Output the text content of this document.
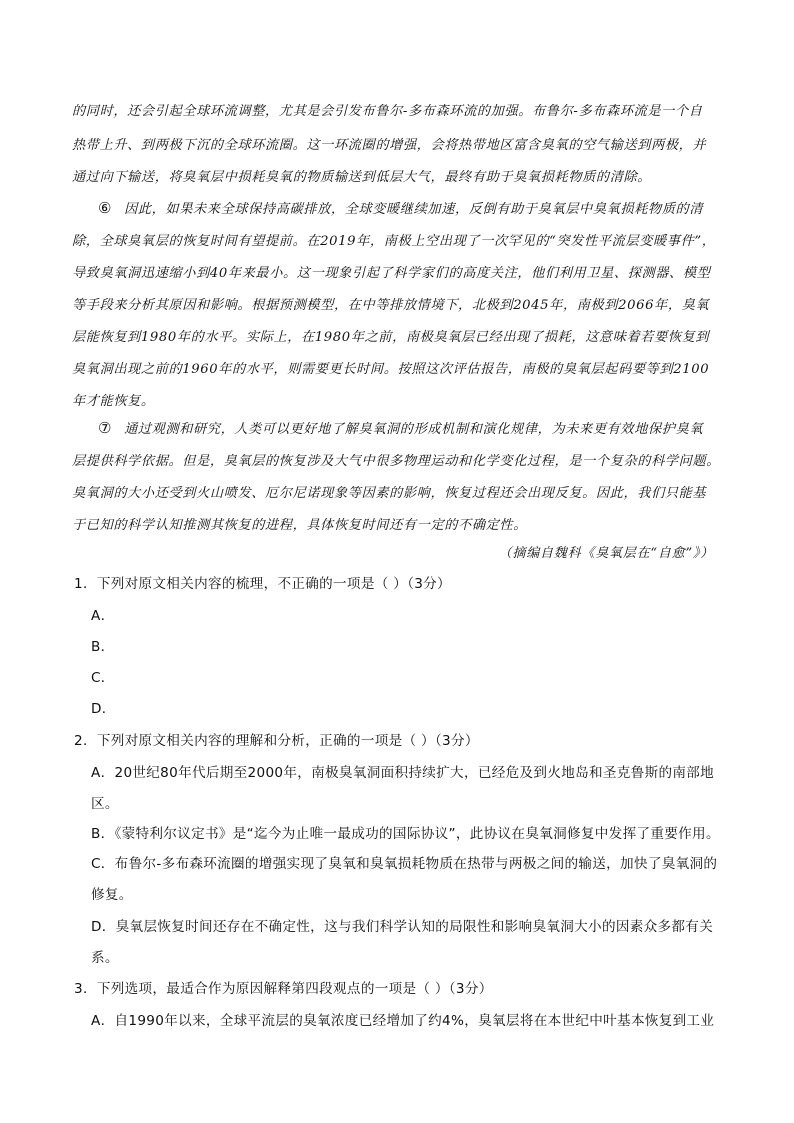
的同时，还会引起全球环流调整，尤其是会引发布鲁尔-多布森环流的加强。布鲁尔-多布森环流是一个自
热带上升、到两极下沉的全球环流圈。这一环流圈的增强，会将热带地区富含臭氧的空气输送到两极，并
通过向下输送，将臭氧层中损耗臭氧的物质输送到低层大气，最终有助于臭氧损耗物质的清除。
⑥ 因此，如果未来全球保持高碳排放，全球变暖继续加速，反倒有助于臭氧层中臭氧损耗物质的清
除，全球臭氧层的恢复时间有望提前。在2019年，南极上空出现了一次罕见的“突发性平流层变暖事件”，
导致臭氧洞迅速缩小到40年来最小。这一现象引起了科学家们的高度关注，他们利用卫星、探测器、模型
等手段来分析其原因和影响。根据预测模型，在中等排放情境下，北极到2045年，南极到2066年，臭氧
层能恢复到1980年的水平。实际上，在1980年之前，南极臭氧层已经出现了损耗，这意味着若要恢复到
臭氧洞出现之前的1960年的水平，则需要更长时间。按照这次评估报告，南极的臭氧层起码要等到2100
年才能恢复。
⑦ 通过观测和研究，人类可以更好地了解臭氧洞的形成机制和演化规律，为未来更有效地保护臭氧
层提供科学依据。但是，臭氧层的恢复涉及大气中很多物理运动和化学变化过程，是一个复杂的科学问题。
臭氧洞的大小还受到火山喷发、厄尔尼诺现象等因素的影响，恢复过程还会出现反复。因此，我们只能基
于已知的科学认知推测其恢复的进程，具体恢复时间还有一定的不确定性。
（摘编自魏科《臭氧层在“自愈”》）
1．下列对原文相关内容的梳理，不正确的一项是（ ）（3分）
A．
B．
C．
D．
2．下列对原文相关内容的理解和分析，正确的一项是（ ）（3分）
A．20世纪80年代后期至2000年，南极臭氧洞面积持续扩大，已经危及到火地岛和圣克鲁斯的南部地
区。
B．《蒙特利尔议定书》是“迄今为止唯一最成功的国际协议”，此协议在臭氧洞修复中发挥了重要作用。
C．布鲁尔-多布森环流圈的增强实现了臭氧和臭氧损耗物质在热带与两极之间的输送，加快了臭氧洞的
修复。
D．臭氧层恢复时间还存在不确定性，这与我们科学认知的局限性和影响臭氧洞大小的因素众多都有关
系。
3．下列选项，最适合作为原因解释第四段观点的一项是（ ）（3分）
A．自1990年以来，全球平流层的臭氧浓度已经增加了约4%，臭氧层将在本世纪中叶基本恢复到工业
